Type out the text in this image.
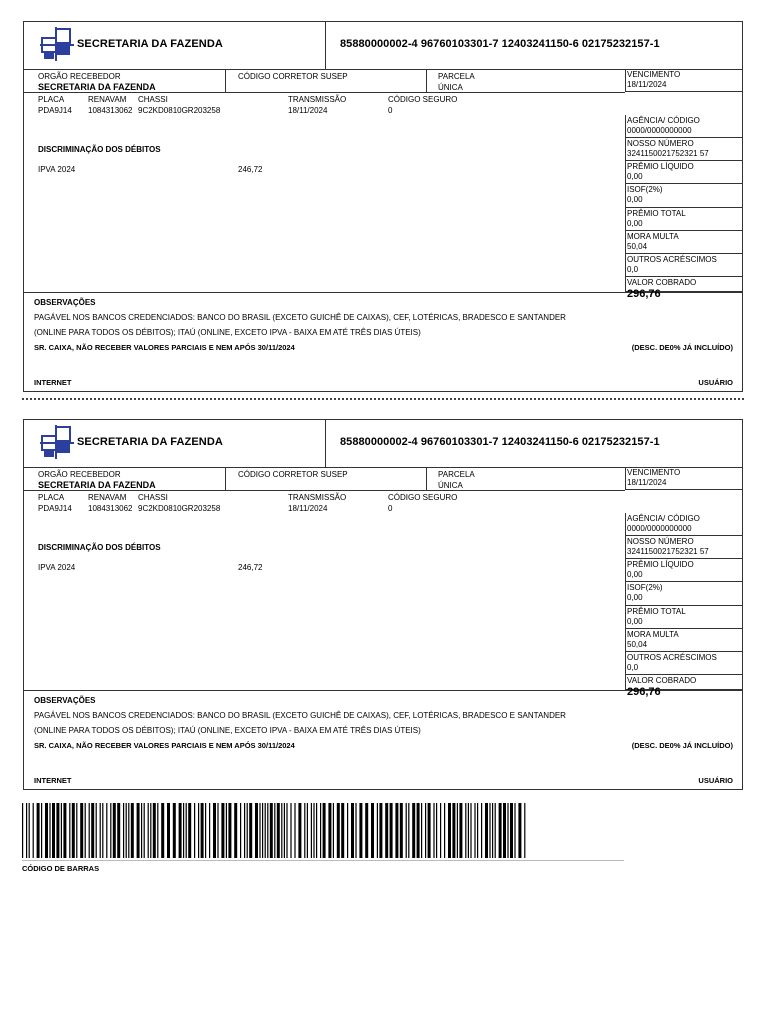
SECRETARIA DA FAZENDA	85880000002-4 96760103301-7 12403241150-6 02175232157-1
ORGÃO RECEBEDOR
SECRETARIA DA FAZENDA
CÓDIGO CORRETOR SUSEP	PARCELA
ÚNICA
PLACA
PDA9J14
RENAVAM
1084313062
CHASSI
9C2KD0810GR203258
TRANSMISSÃO
18/11/2024
CÓDIGO SEGURO
0
DISCRIMINAÇÃO DOS DÉBITOS
IPVA 2024	246,72
OBSERVAÇÕES
PAGÁVEL NOS BANCOS CREDENCIADOS: BANCO DO BRASIL (EXCETO GUICHÊ DE CAIXAS), CEF, LOTÉRICAS, BRADESCO E SANTANDER
(ONLINE PARA TODOS OS DÉBITOS); ITAÚ (ONLINE, EXCETO IPVA - BAIXA EM ATÉ TRÊS DIAS ÚTEIS)
SR. CAIXA, NÃO RECEBER VALORES PARCIAIS E NEM APÓS 30/11/2024	(DESC. DE0% JÁ INCLUÍDO)
INTERNET	USUÁRIO
VENCIMENTO
18/11/2024
AGÊNCIA/ CÓDIGO
0000/0000000000
NOSSO NÚMERO
3241150021752321 57
PRÊMIO LÍQUIDO
0,00
ISOF(2%)
0,00
PRÊMIO TOTAL
0,00
MORA MULTA
50,04
OUTROS ACRÉSCIMOS
0,0
VALOR COBRADO
296,76
SECRETARIA DA FAZENDA	85880000002-4 96760103301-7 12403241150-6 02175232157-1
ORGÃO RECEBEDOR
SECRETARIA DA FAZENDA
CÓDIGO CORRETOR SUSEP	PARCELA
ÚNICA
PLACA
PDA9J14
RENAVAM
1084313062
CHASSI
9C2KD0810GR203258
TRANSMISSÃO
18/11/2024
CÓDIGO SEGURO
0
DISCRIMINAÇÃO DOS DÉBITOS
IPVA 2024	246,72
OBSERVAÇÕES
PAGÁVEL NOS BANCOS CREDENCIADOS: BANCO DO BRASIL (EXCETO GUICHÊ DE CAIXAS), CEF, LOTÉRICAS, BRADESCO E SANTANDER
(ONLINE PARA TODOS OS DÉBITOS); ITAÚ (ONLINE, EXCETO IPVA - BAIXA EM ATÉ TRÊS DIAS ÚTEIS)
SR. CAIXA, NÃO RECEBER VALORES PARCIAIS E NEM APÓS 30/11/2024	(DESC. DE0% JÁ INCLUÍDO)
INTERNET	USUÁRIO
VENCIMENTO
18/11/2024
AGÊNCIA/ CÓDIGO
0000/0000000000
NOSSO NÚMERO
3241150021752321 57
PRÊMIO LÍQUIDO
0,00
ISOF(2%)
0,00
PRÊMIO TOTAL
0,00
MORA MULTA
50,04
OUTROS ACRÉSCIMOS
0,0
VALOR COBRADO
296,76
CÓDIGO DE BARRAS
